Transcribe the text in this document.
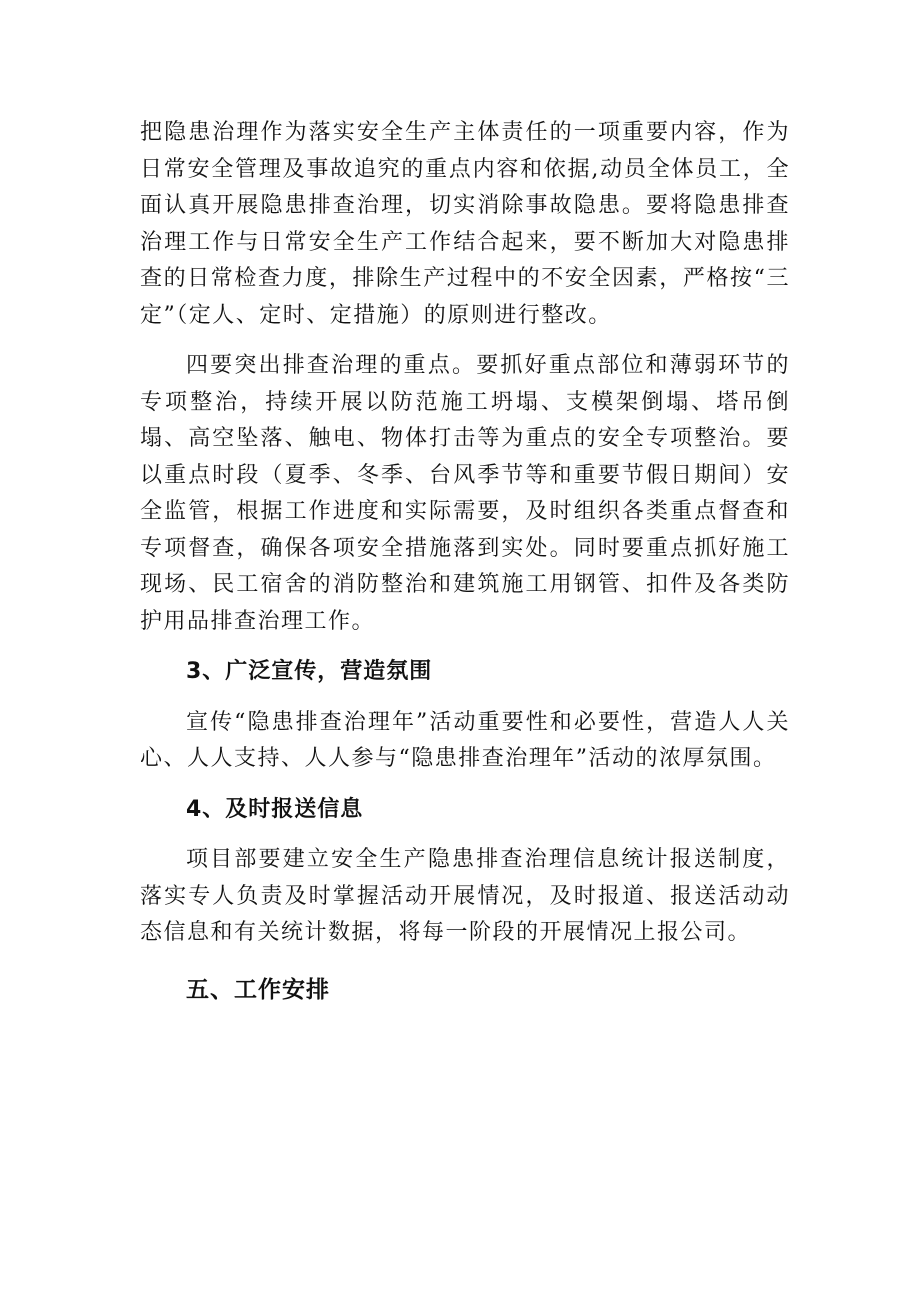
把隐患治理作为落实安全生产主体责任的一项重要内容，作为日常安全管理及事故追究的重点内容和依据,动员全体员工，全面认真开展隐患排查治理，切实消除事故隐患。要将隐患排查治理工作与日常安全生产工作结合起来，要不断加大对隐患排查的日常检查力度，排除生产过程中的不安全因素，严格按“三定”（定人、定时、定措施）的原则进行整改。

四要突出排查治理的重点。要抓好重点部位和薄弱环节的专项整治，持续开展以防范施工坍塌、支模架倒塌、塔吊倒塌、高空坠落、触电、物体打击等为重点的安全专项整治。要以重点时段（夏季、冬季、台风季节等和重要节假日期间）安全监管，根据工作进度和实际需要，及时组织各类重点督查和专项督查，确保各项安全措施落到实处。同时要重点抓好施工现场、民工宿舍的消防整治和建筑施工用钢管、扣件及各类防护用品排查治理工作。

3、广泛宣传，营造氛围

宣传“隐患排查治理年”活动重要性和必要性，营造人人关心、人人支持、人人参与“隐患排查治理年”活动的浓厚氛围。

4、及时报送信息

项目部要建立安全生产隐患排查治理信息统计报送制度，落实专人负责及时掌握活动开展情况，及时报道、报送活动动态信息和有关统计数据，将每一阶段的开展情况上报公司。

五、工作安排
